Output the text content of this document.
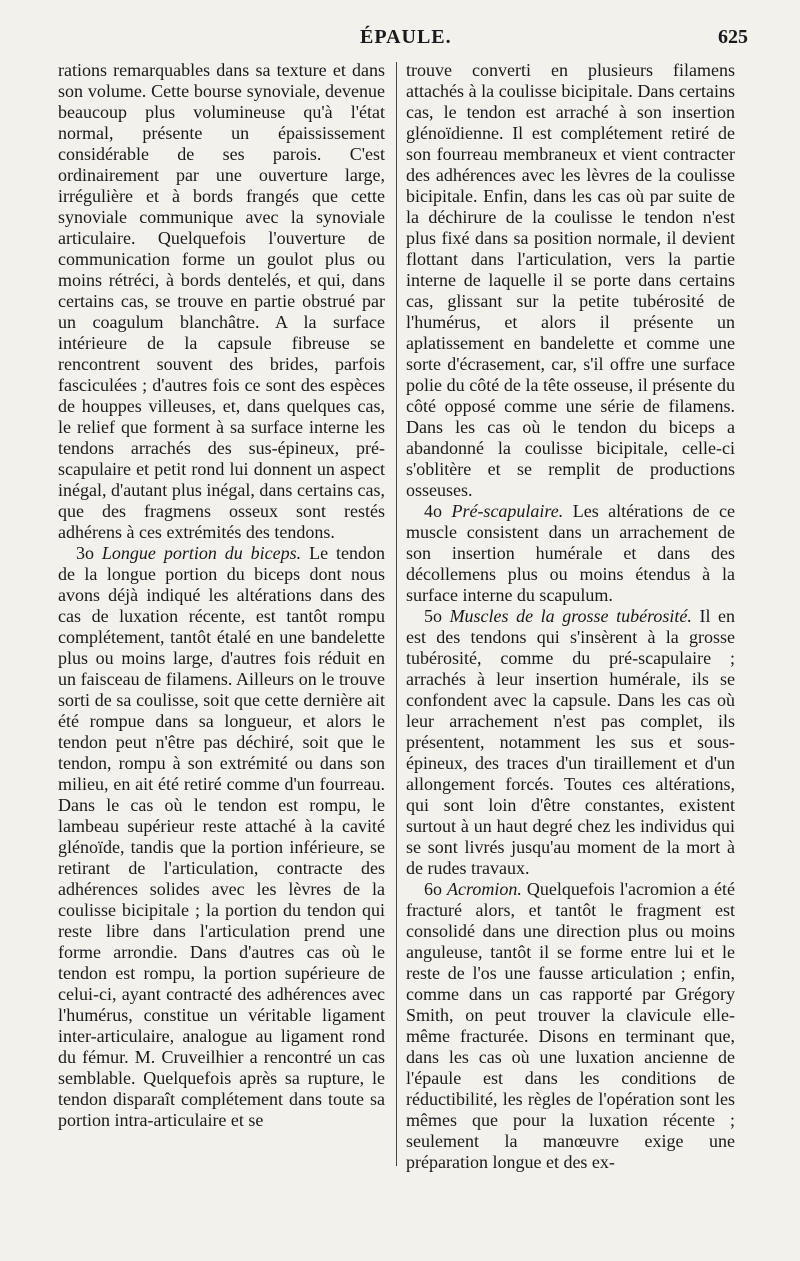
ÉPAULE.	625

rations remarquables dans sa texture et dans son volume. Cette bourse synoviale, devenue beaucoup plus volumineuse qu'à l'état normal, présente un épaississement considérable de ses parois. C'est ordinairement par une ouverture large, irrégulière et à bords frangés que cette synoviale communique avec la synoviale articulaire. Quelquefois l'ouverture de communication forme un goulot plus ou moins rétréci, à bords dentelés, et qui, dans certains cas, se trouve en partie obstrué par un coagulum blanchâtre. A la surface intérieure de la capsule fibreuse se rencontrent souvent des brides, parfois fasciculées ; d'autres fois ce sont des espèces de houppes villeuses, et, dans quelques cas, le relief que forment à sa surface interne les tendons arrachés des sus-épineux, pré-scapulaire et petit rond lui donnent un aspect inégal, d'autant plus inégal, dans certains cas, que des fragmens osseux sont restés adhérens à ces extrémités des tendons.

3o Longue portion du biceps. Le tendon de la longue portion du biceps dont nous avons déjà indiqué les altérations dans des cas de luxation récente, est tantôt rompu complétement, tantôt étalé en une bandelette plus ou moins large, d'autres fois réduit en un faisceau de filamens. Ailleurs on le trouve sorti de sa coulisse, soit que cette dernière ait été rompue dans sa longueur, et alors le tendon peut n'être pas déchiré, soit que le tendon, rompu à son extrémité ou dans son milieu, en ait été retiré comme d'un fourreau. Dans le cas où le tendon est rompu, le lambeau supérieur reste attaché à la cavité glénoïde, tandis que la portion inférieure, se retirant de l'articulation, contracte des adhérences solides avec les lèvres de la coulisse bicipitale ; la portion du tendon qui reste libre dans l'articulation prend une forme arrondie. Dans d'autres cas où le tendon est rompu, la portion supérieure de celui-ci, ayant contracté des adhérences avec l'humérus, constitue un véritable ligament inter-articulaire, analogue au ligament rond du fémur. M. Cruveilhier a rencontré un cas semblable. Quelquefois après sa rupture, le tendon disparaît complétement dans toute sa portion intra-articulaire et se

trouve converti en plusieurs filamens attachés à la coulisse bicipitale. Dans certains cas, le tendon est arraché à son insertion glénoïdienne. Il est complétement retiré de son fourreau membraneux et vient contracter des adhérences avec les lèvres de la coulisse bicipitale. Enfin, dans les cas où par suite de la déchirure de la coulisse le tendon n'est plus fixé dans sa position normale, il devient flottant dans l'articulation, vers la partie interne de laquelle il se porte dans certains cas, glissant sur la petite tubérosité de l'humérus, et alors il présente un aplatissement en bandelette et comme une sorte d'écrasement, car, s'il offre une surface polie du côté de la tête osseuse, il présente du côté opposé comme une série de filamens. Dans les cas où le tendon du biceps a abandonné la coulisse bicipitale, celle-ci s'oblitère et se remplit de productions osseuses.

4o Pré-scapulaire. Les altérations de ce muscle consistent dans un arrachement de son insertion humérale et dans des décollemens plus ou moins étendus à la surface interne du scapulum.

5o Muscles de la grosse tubérosité. Il en est des tendons qui s'insèrent à la grosse tubérosité, comme du pré-scapulaire ; arrachés à leur insertion humérale, ils se confondent avec la capsule. Dans les cas où leur arrachement n'est pas complet, ils présentent, notamment les sus et sous-épineux, des traces d'un tiraillement et d'un allongement forcés. Toutes ces altérations, qui sont loin d'être constantes, existent surtout à un haut degré chez les individus qui se sont livrés jusqu'au moment de la mort à de rudes travaux.

6o Acromion. Quelquefois l'acromion a été fracturé alors, et tantôt le fragment est consolidé dans une direction plus ou moins anguleuse, tantôt il se forme entre lui et le reste de l'os une fausse articulation ; enfin, comme dans un cas rapporté par Grégory Smith, on peut trouver la clavicule elle-même fracturée. Disons en terminant que, dans les cas où une luxation ancienne de l'épaule est dans les conditions de réductibilité, les règles de l'opération sont les mêmes que pour la luxation récente ; seulement la manœuvre exige une préparation longue et des ex-
